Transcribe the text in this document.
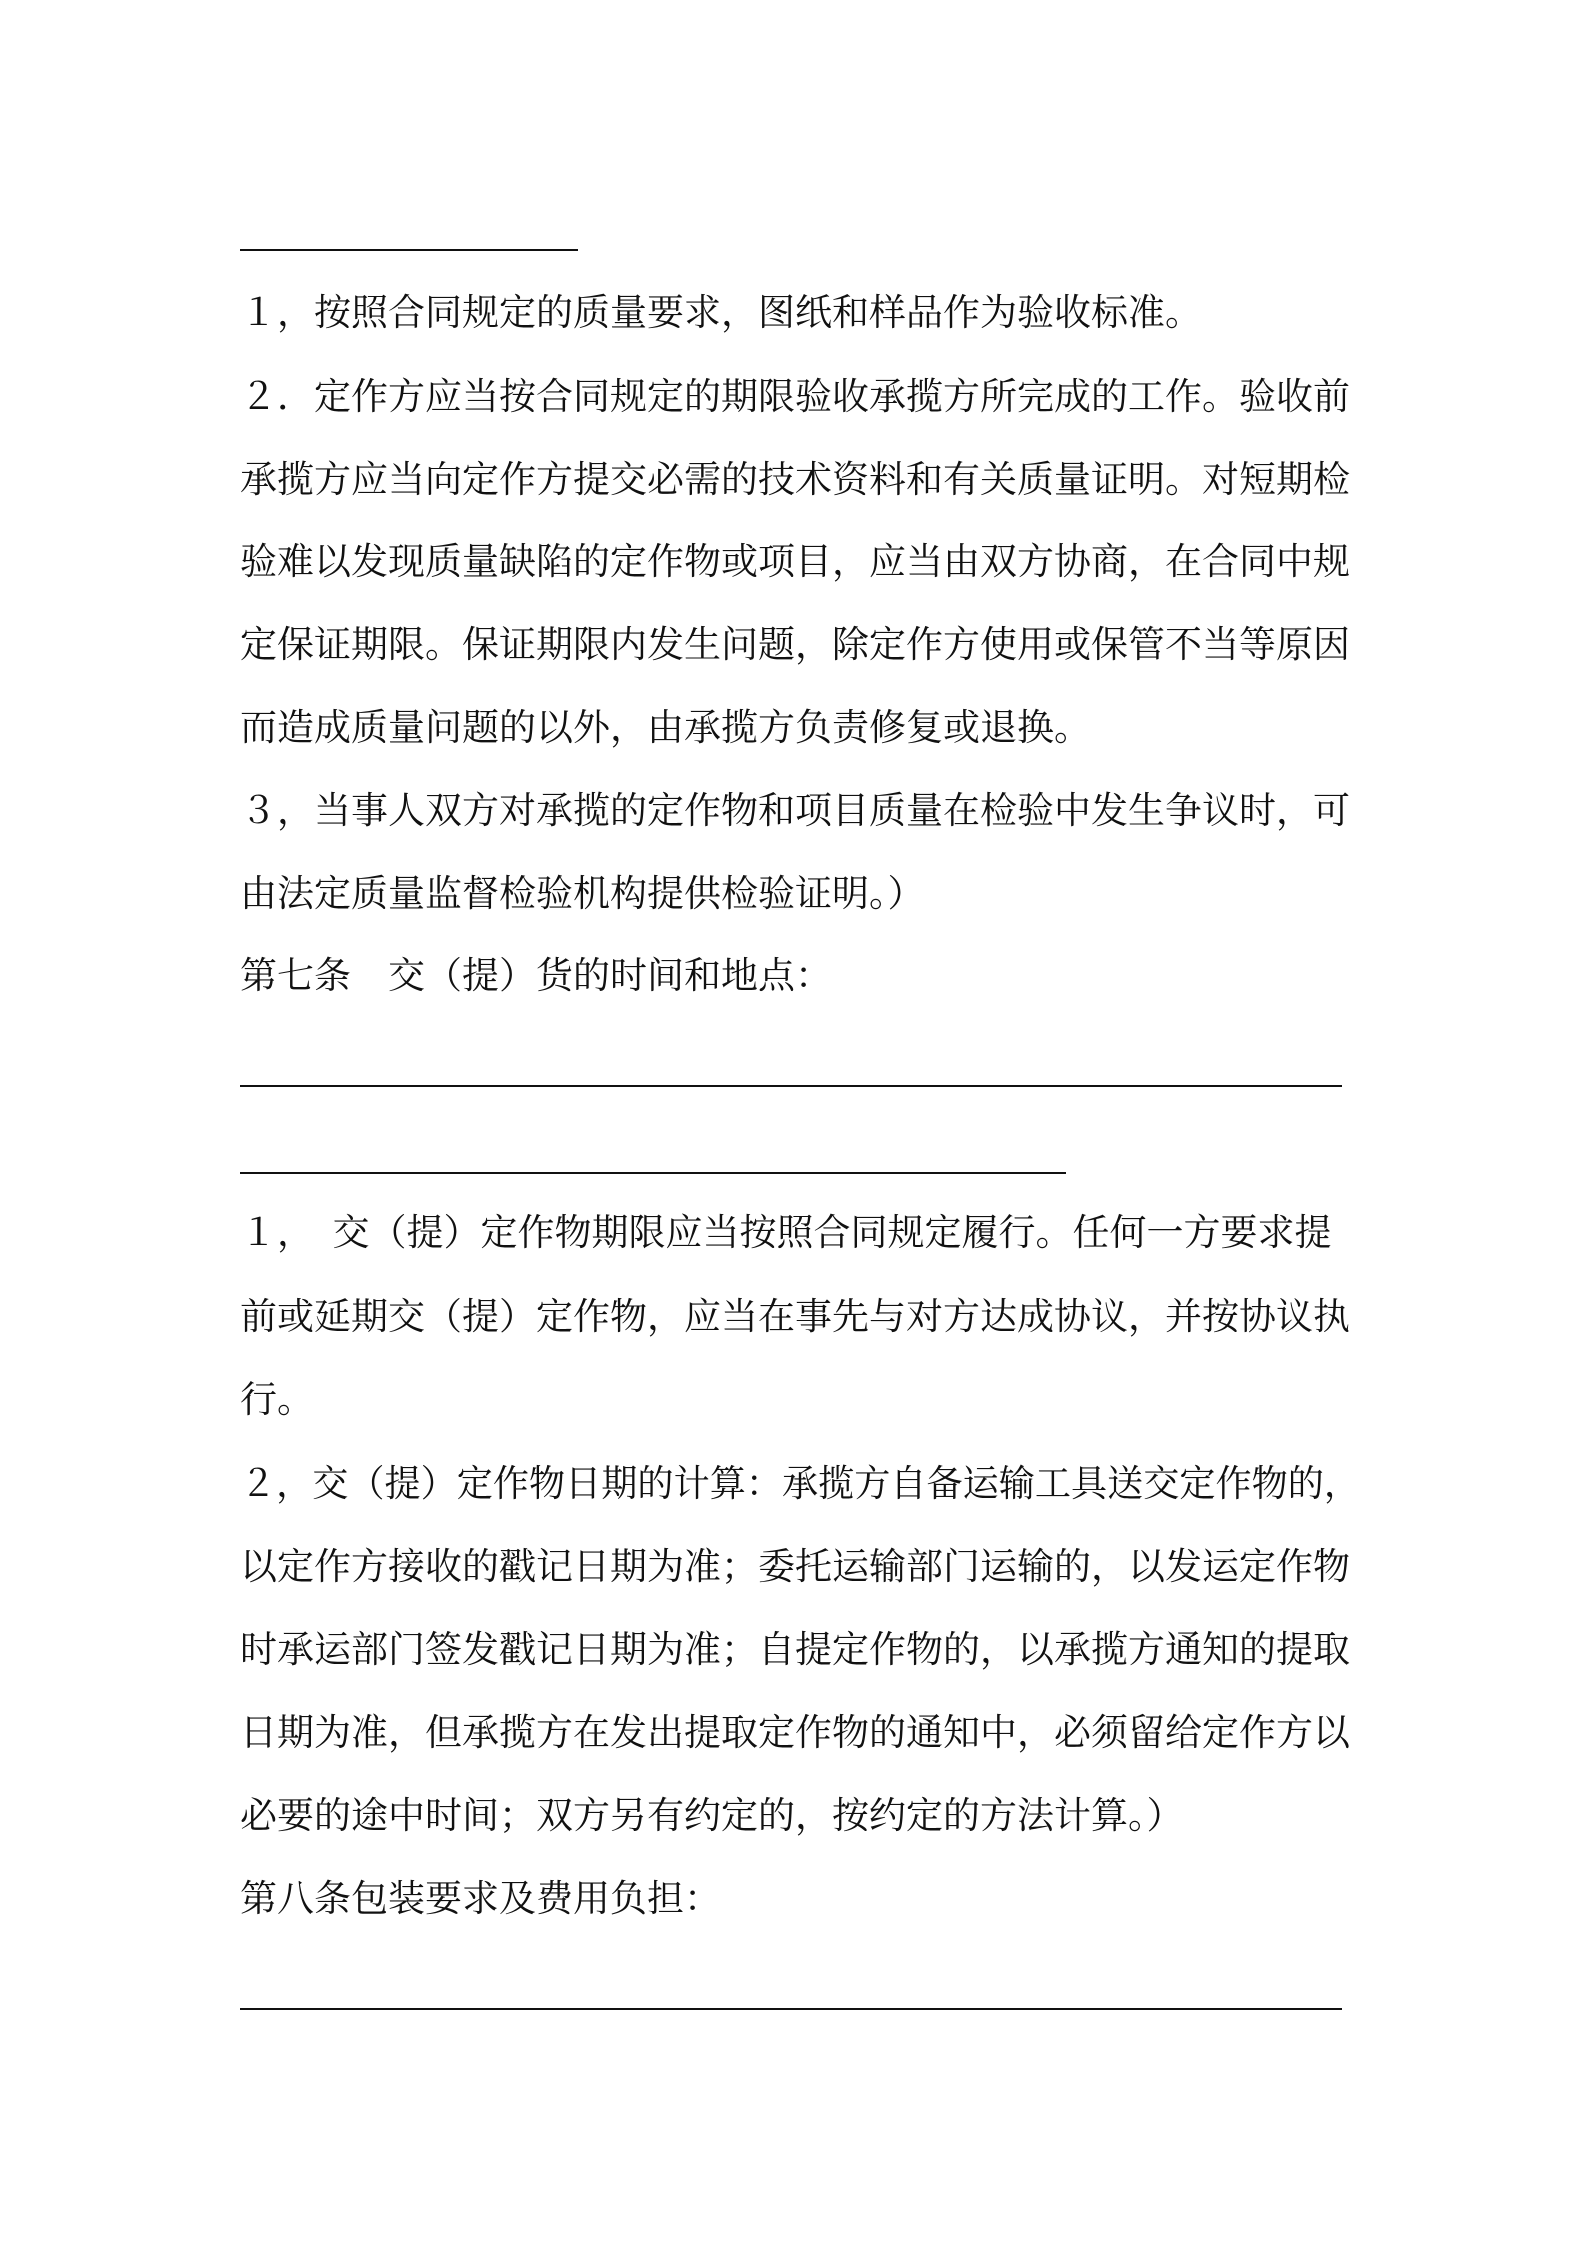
１，按照合同规定的质量要求，图纸和样品作为验收标准。
２．定作方应当按合同规定的期限验收承揽方所完成的工作。验收前
承揽方应当向定作方提交必需的技术资料和有关质量证明。对短期检
验难以发现质量缺陷的定作物或项目，应当由双方协商，在合同中规
定保证期限。保证期限内发生问题，除定作方使用或保管不当等原因
而造成质量问题的以外，由承揽方负责修复或退换。
３，当事人双方对承揽的定作物和项目质量在检验中发生争议时，可
由法定质量监督检验机构提供检验证明。）
第七条　交（提）货的时间和地点：
１，　交（提）定作物期限应当按照合同规定履行。任何一方要求提
前或延期交（提）定作物，应当在事先与对方达成协议，并按协议执
行。
２，交（提）定作物日期的计算：承揽方自备运输工具送交定作物的，
以定作方接收的戳记日期为准；委托运输部门运输的，以发运定作物
时承运部门签发戳记日期为准；自提定作物的，以承揽方通知的提取
日期为准，但承揽方在发出提取定作物的通知中，必须留给定作方以
必要的途中时间；双方另有约定的，按约定的方法计算。）
第八条包装要求及费用负担：
